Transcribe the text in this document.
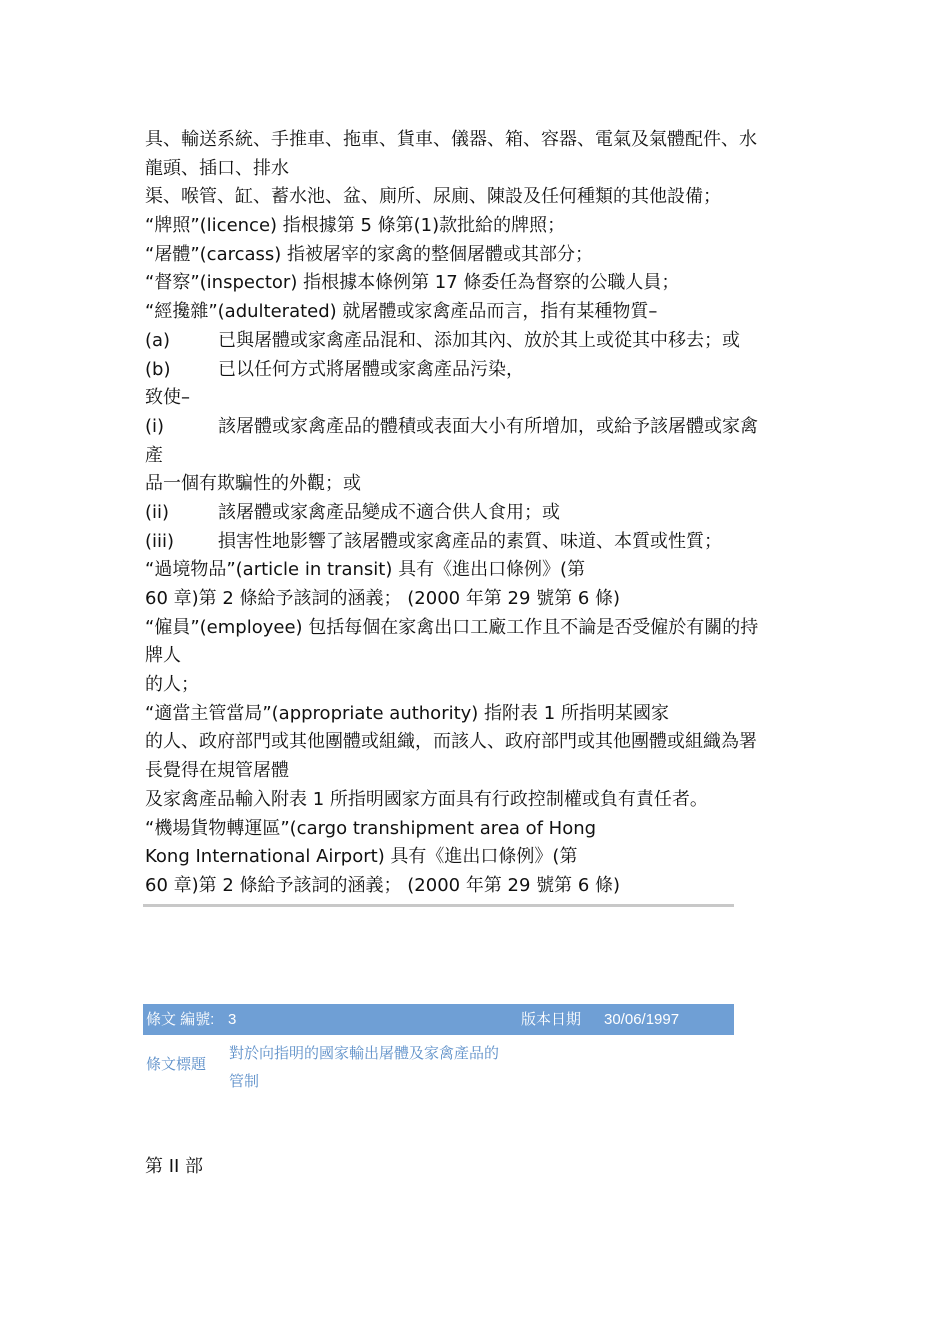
具、輸送系統、手推車、拖車、貨車、儀器、箱、容器、電氣及氣體配件、水
龍頭、插口、排水
渠、喉管、缸、蓄水池、盆、廁所、尿廁、陳設及任何種類的其他設備；
“牌照”(licence) 指根據第 5 條第(1)款批給的牌照；
“屠體”(carcass) 指被屠宰的家禽的整個屠體或其部分；
“督察”(inspector) 指根據本條例第 17 條委任為督察的公職人員；
“經攙雜”(adulterated) 就屠體或家禽產品而言，指有某種物質–
(a)	已與屠體或家禽產品混和、添加其內、放於其上或從其中移去；或
(b)	已以任何方式將屠體或家禽產品污染，
致使–
(i)	該屠體或家禽產品的體積或表面大小有所增加，或給予該屠體或家禽
產
品一個有欺騙性的外觀；或
(ii)	該屠體或家禽產品變成不適合供人食用；或
(iii)	損害性地影響了該屠體或家禽產品的素質、味道、本質或性質；
“過境物品”(article in transit) 具有《進出口條例》(第
60 章)第 2 條給予該詞的涵義； (2000 年第 29 號第 6 條)
“僱員”(employee) 包括每個在家禽出口工廠工作且不論是否受僱於有關的持
牌人
的人；
“適當主管當局”(appropriate authority) 指附表 1 所指明某國家
的人、政府部門或其他團體或組織，而該人、政府部門或其他團體或組織為署
長覺得在規管屠體
及家禽產品輸入附表 1 所指明國家方面具有行政控制權或負有責任者。
“機場貨物轉運區”(cargo transhipment area of Hong
Kong International Airport) 具有《進出口條例》(第
60 章)第 2 條給予該詞的涵義； (2000 年第 29 號第 6 條)
條文 編號: 3	版本日期 30/06/1997
條文標題
對於向指明的國家輸出屠體及家禽產品的
管制
第 II 部
